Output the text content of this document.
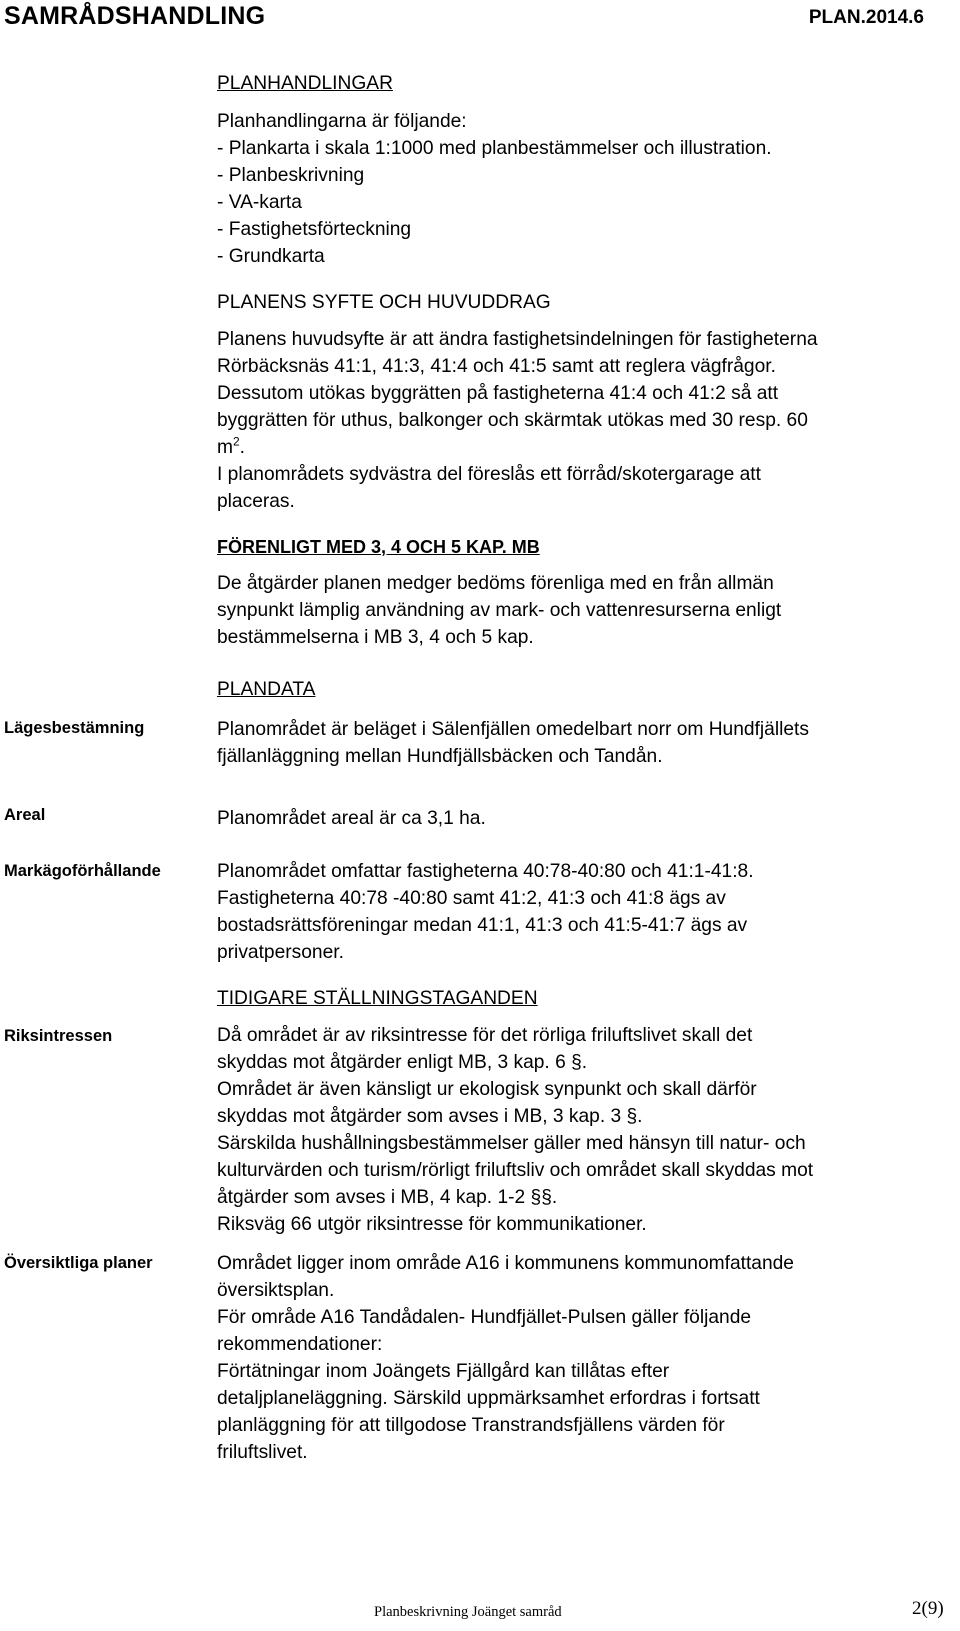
SAMRÅDSHANDLING	PLAN.2014.6
PLANHANDLINGAR
Planhandlingarna är följande:
- Plankarta i skala 1:1000 med planbestämmelser och illustration.
- Planbeskrivning
- VA-karta
- Fastighetsförteckning
- Grundkarta
PLANENS SYFTE OCH HUVUDDRAG
Planens huvudsyfte är att ändra fastighetsindelningen för fastigheterna
Rörbäcksnäs 41:1, 41:3, 41:4 och 41:5 samt att reglera vägfrågor.
Dessutom utökas byggrätten på fastigheterna 41:4 och 41:2 så att
byggrätten för uthus, balkonger och skärmtak utökas med 30 resp. 60
$m^2$.
I planområdets sydvästra del föreslås ett förråd/skotergarage att
placeras.
FÖRENLIGT MED 3, 4 OCH 5 KAP. MB
De åtgärder planen medger bedöms förenliga med en från allmän
synpunkt lämplig användning av mark- och vattenresurserna enligt
bestämmelserna i MB 3, 4 och 5 kap.
PLANDATA
Lägesbestämning	Planområdet är beläget i Sälenfjällen omedelbart norr om Hundfjällets
fjällanläggning mellan Hundfjällsbäcken och Tandån.
Areal	Planområdet areal är ca 3,1 ha.
Markägoförhållande	Planområdet omfattar fastigheterna 40:78-40:80 och 41:1-41:8.
Fastigheterna 40:78 -40:80 samt 41:2, 41:3 och 41:8 ägs av
bostadsrättsföreningar medan 41:1, 41:3 och 41:5-41:7 ägs av
privatpersoner.
TIDIGARE STÄLLNINGSTAGANDEN
Riksintressen	Då området är av riksintresse för det rörliga friluftslivet skall det
skyddas mot åtgärder enligt MB, 3 kap. 6 §.
Området är även känsligt ur ekologisk synpunkt och skall därför
skyddas mot åtgärder som avses i MB, 3 kap. 3 §.
Särskilda hushållningsbestämmelser gäller med hänsyn till natur- och
kulturvärden och turism/rörligt friluftsliv och området skall skyddas mot
åtgärder som avses i MB, 4 kap. 1-2 §§.
Riksväg 66 utgör riksintresse för kommunikationer.
Översiktliga planer	Området ligger inom område A16 i kommunens kommunomfattande
översiktsplan.
För område A16 Tandådalen- Hundfjället-Pulsen gäller följande
rekommendationer:
Förtätningar inom Joängets Fjällgård kan tillåtas efter
detaljplaneläggning. Särskild uppmärksamhet erfordras i fortsatt
planläggning för att tillgodose Transtrandsfjällens värden för
friluftslivet.
Planbeskrivning Joänget samråd	2(9)
